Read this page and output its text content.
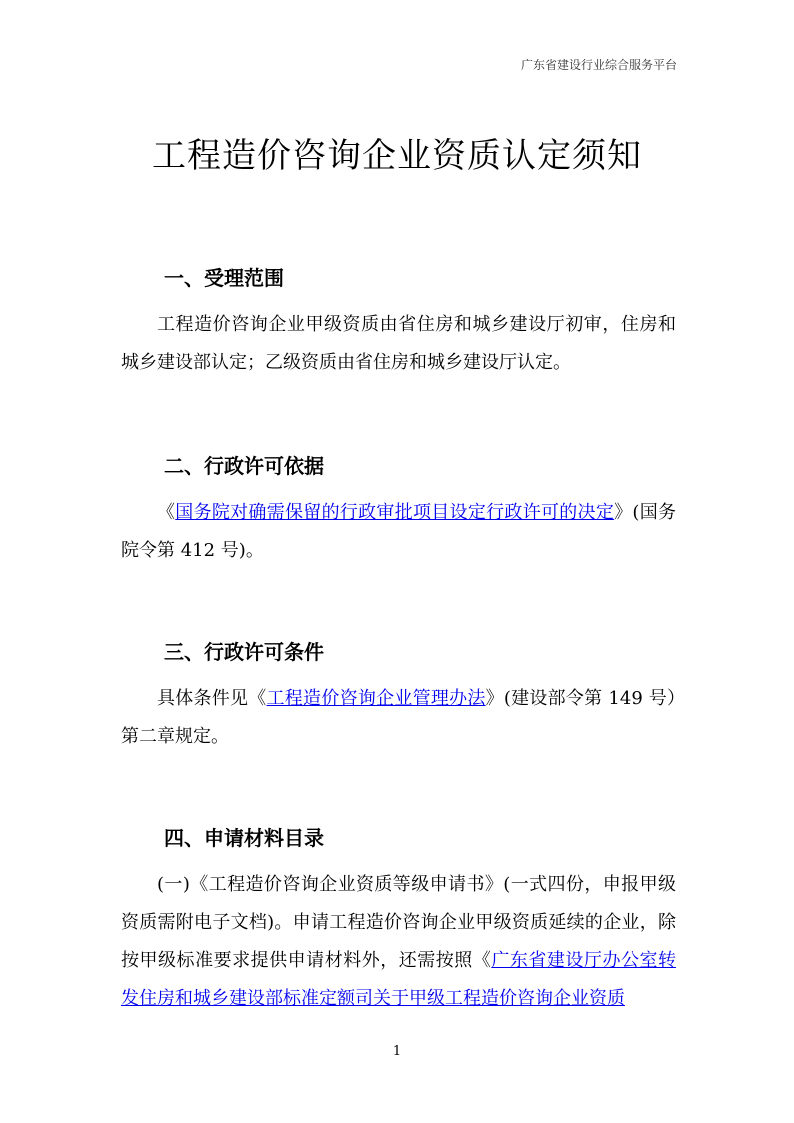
广东省建设行业综合服务平台
工程造价咨询企业资质认定须知
一、受理范围

工程造价咨询企业甲级资质由省住房和城乡建设厅初审，住房和城乡建设部认定；乙级资质由省住房和城乡建设厅认定。

二、行政许可依据

《国务院对确需保留的行政审批项目设定行政许可的决定》(国务院令第 412 号)。

三、行政许可条件

具体条件见《工程造价咨询企业管理办法》(建设部令第 149 号）第二章规定。

四、申请材料目录

(一)《工程造价咨询企业资质等级申请书》(一式四份，申报甲级资质需附电子文档)。申请工程造价咨询企业甲级资质延续的企业，除按甲级标准要求提供申请材料外，还需按照《广东省建设厅办公室转发住房和城乡建设部标准定额司关于甲级工程造价咨询企业资质

1
